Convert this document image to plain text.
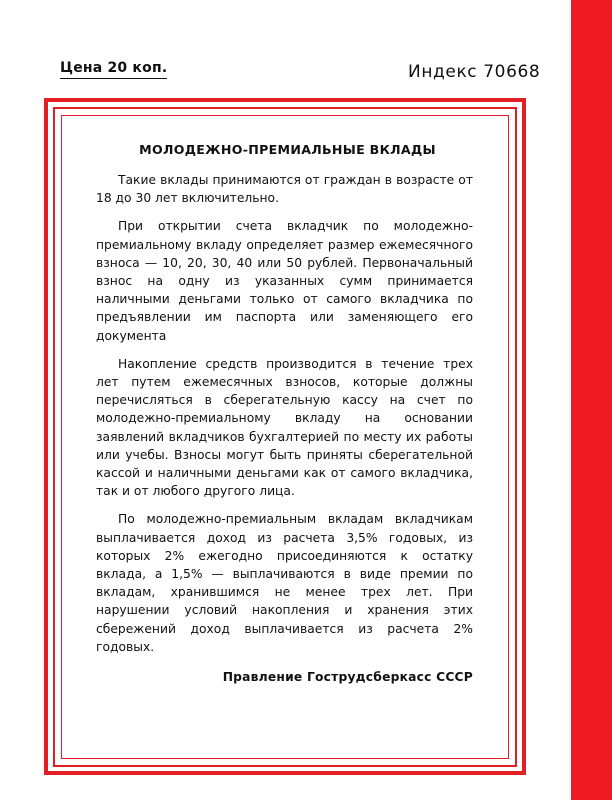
Цена 20 коп.	Индекс 70668
МОЛОДЕЖНО-ПРЕМИАЛЬНЫЕ ВКЛАДЫ

Такие вклады принимаются от граждан в возрасте от 18 до 30 лет включительно.

При открытии счета вкладчик по молодежно-премиальному вкладу определяет размер ежемесячного взноса — 10, 20, 30, 40 или 50 рублей. Первоначальный взнос на одну из указанных сумм принимается наличными деньгами только от самого вкладчика по предъявлении им паспорта или заменяющего его документа

Накопление средств производится в течение трех лет путем ежемесячных взносов, которые должны перечисляться в сберегательную кассу на счет по молодежно-премиальному вкладу на основании заявлений вкладчиков бухгалтерией по месту их работы или учебы. Взносы могут быть приняты сберегательной кассой и наличными деньгами как от самого вкладчика, так и от любого другого лица.

По молодежно-премиальным вкладам вкладчикам выплачивается доход из расчета 3,5% годовых, из которых 2% ежегодно присоединяются к остатку вклада, а 1,5% — выплачиваются в виде премии по вкладам, хранившимся не менее трех лет. При нарушении условий накопления и хранения этих сбережений доход выплачивается из расчета 2% годовых.

Правление Гострудсберкасс СССР
